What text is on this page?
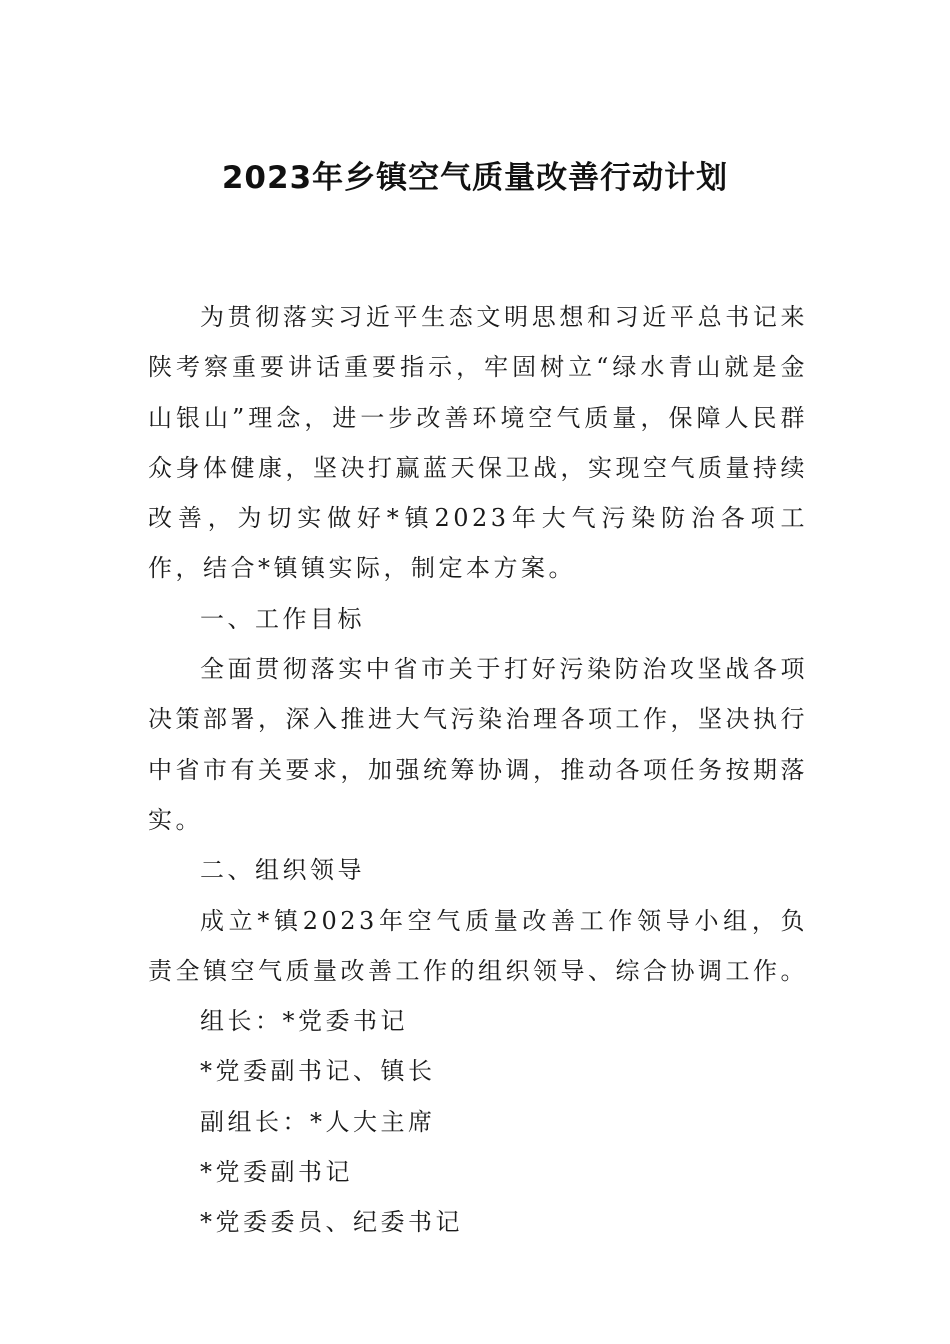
2023年乡镇空气质量改善行动计划

为贯彻落实习近平生态文明思想和习近平总书记来陕考察重要讲话重要指示，牢固树立“绿水青山就是金山银山”理念，进一步改善环境空气质量，保障人民群众身体健康，坚决打赢蓝天保卫战，实现空气质量持续改善，为切实做好*镇2023年大气污染防治各项工作，结合*镇镇实际，制定本方案。

一、工作目标

全面贯彻落实中省市关于打好污染防治攻坚战各项决策部署，深入推进大气污染治理各项工作，坚决执行中省市有关要求，加强统筹协调，推动各项任务按期落实。

二、组织领导

成立*镇2023年空气质量改善工作领导小组，负责全镇空气质量改善工作的组织领导、综合协调工作。

组长：*党委书记

*党委副书记、镇长

副组长：*人大主席

*党委副书记

*党委委员、纪委书记
